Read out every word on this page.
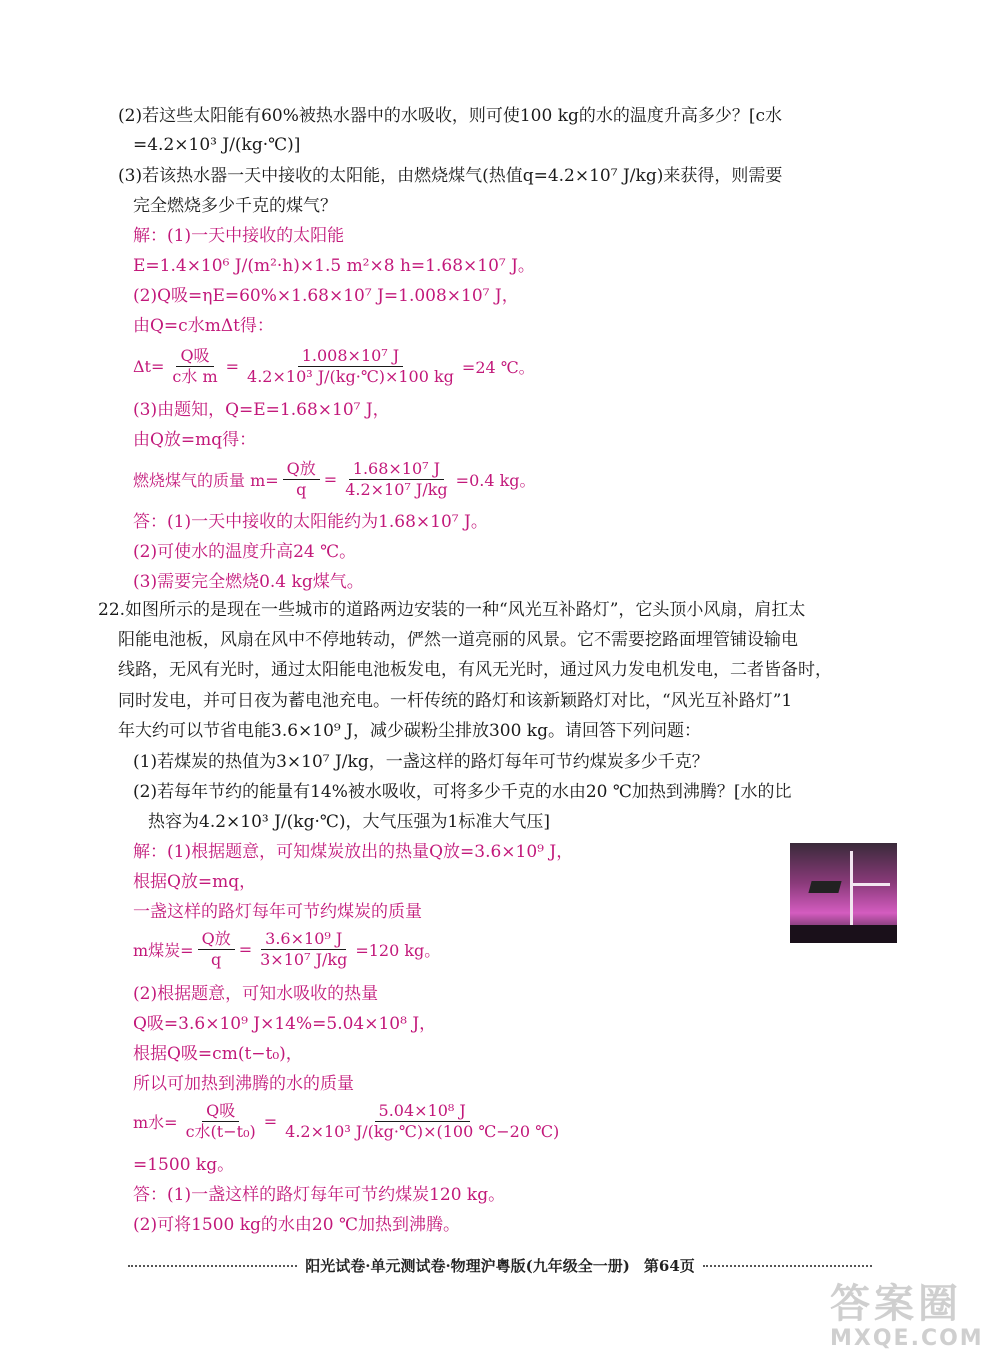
(2)若这些太阳能有60%被热水器中的水吸收，则可使100 kg的水的温度升高多少？[c水
=4.2×10³ J/(kg·℃)]
(3)若该热水器一天中接收的太阳能，由燃烧煤气(热值q=4.2×10⁷ J/kg)来获得，则需要
完全燃烧多少千克的煤气？
解：(1)一天中接收的太阳能
E=1.4×10⁶ J/(m²·h)×1.5 m²×8 h=1.68×10⁷ J。
(2)Q吸=ηE=60%×1.68×10⁷ J=1.008×10⁷ J，
由Q=c水mΔt得：
$\Delta t= \frac{\text{Q吸}}{\text{c水 m}} = \frac{\text{1.008×10⁷ J}}{\text{4.2×10³ J/(kg·℃)×100 kg}} =24$ ℃。
(3)由题知，Q=E=1.68×10⁷ J，
由Q放=mq得：
燃烧煤气的质量 $m= \frac{\text{Q放}}{q} = \frac{\text{1.68×10⁷ J}}{\text{4.2×10⁷ J/kg}} =0.4$ kg。
答：(1)一天中接收的太阳能约为1.68×10⁷ J。
(2)可使水的温度升高24 ℃。
(3)需要完全燃烧0.4 kg煤气。
22.如图所示的是现在一些城市的道路两边安装的一种“风光互补路灯”，它头顶小风扇，肩扛太
阳能电池板，风扇在风中不停地转动，俨然一道亮丽的风景。它不需要挖路面埋管铺设输电
线路，无风有光时，通过太阳能电池板发电，有风无光时，通过风力发电机发电，二者皆备时，
同时发电，并可日夜为蓄电池充电。一杆传统的路灯和该新颖路灯对比，“风光互补路灯”1
年大约可以节省电能3.6×10⁹ J，减少碳粉尘排放300 kg。请回答下列问题：
(1)若煤炭的热值为3×10⁷ J/kg，一盏这样的路灯每年可节约煤炭多少千克？
(2)若每年节约的能量有14%被水吸收，可将多少千克的水由20 ℃加热到沸腾？[水的比
热容为4.2×10³ J/(kg·℃)，大气压强为1标准大气压]
解：(1)根据题意，可知煤炭放出的热量Q放=3.6×10⁹ J，
根据Q放=mq，
一盏这样的路灯每年可节约煤炭的质量
m煤炭= $\frac{\text{Q放}}{q} = \frac{\text{3.6×10⁹ J}}{\text{3×10⁷ J/kg}} =120$ kg。
(2)根据题意，可知水吸收的热量
Q吸=3.6×10⁹ J×14%=5.04×10⁸ J，
根据Q吸=cm(t−t₀)，
所以可加热到沸腾的水的质量
m水= $\frac{\text{Q吸}}{\text{c水(t−t₀)}} = \frac{\text{5.04×10⁸ J}}{\text{4.2×10³ J/(kg·℃)×(100 ℃−20 ℃)}}$
=1500 kg。
答：(1)一盏这样的路灯每年可节约煤炭120 kg。
(2)可将1500 kg的水由20 ℃加热到沸腾。
阳光试卷·单元测试卷·物理沪粤版(九年级全一册) 第64页
答案圈
MXQE.COM
